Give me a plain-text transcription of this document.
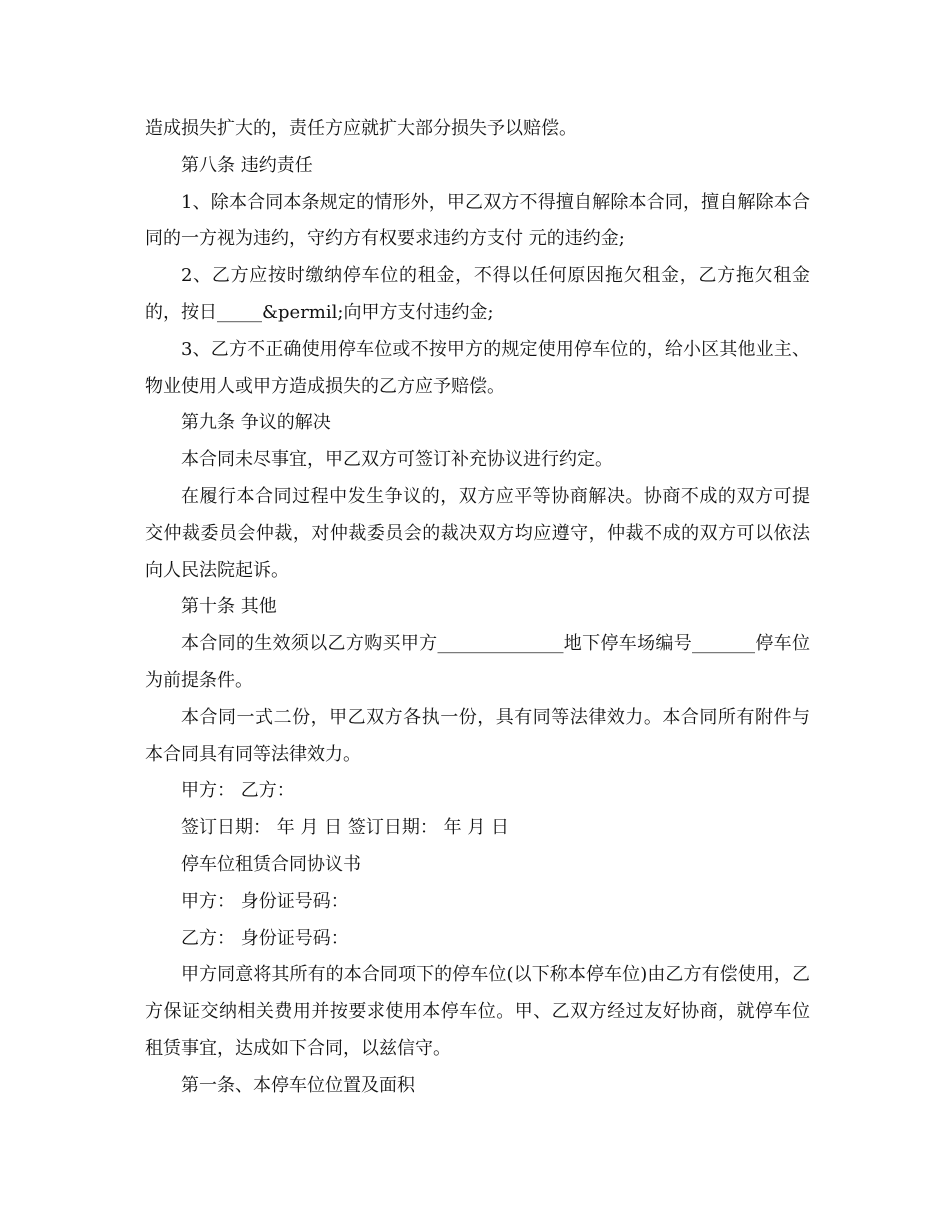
造成损失扩大的，责任方应就扩大部分损失予以赔偿。

第八条 违约责任

1、除本合同本条规定的情形外，甲乙双方不得擅自解除本合同，擅自解除本合同的一方视为违约，守约方有权要求违约方支付 元的违约金;

2、乙方应按时缴纳停车位的租金，不得以任何原因拖欠租金，乙方拖欠租金的，按日_____&permil;向甲方支付违约金;

3、乙方不正确使用停车位或不按甲方的规定使用停车位的，给小区其他业主、物业使用人或甲方造成损失的乙方应予赔偿。

第九条 争议的解决

本合同未尽事宜，甲乙双方可签订补充协议进行约定。

在履行本合同过程中发生争议的，双方应平等协商解决。协商不成的双方可提交仲裁委员会仲裁，对仲裁委员会的裁决双方均应遵守，仲裁不成的双方可以依法向人民法院起诉。

第十条 其他

本合同的生效须以乙方购买甲方______________地下停车场编号_______停车位为前提条件。

本合同一式二份，甲乙双方各执一份，具有同等法律效力。本合同所有附件与本合同具有同等法律效力。

甲方： 乙方：

签订日期： 年 月 日 签订日期： 年 月 日

停车位租赁合同协议书

甲方： 身份证号码：

乙方： 身份证号码：

甲方同意将其所有的本合同项下的停车位(以下称本停车位)由乙方有偿使用，乙方保证交纳相关费用并按要求使用本停车位。甲、乙双方经过友好协商，就停车位租赁事宜，达成如下合同，以兹信守。

第一条、本停车位位置及面积
